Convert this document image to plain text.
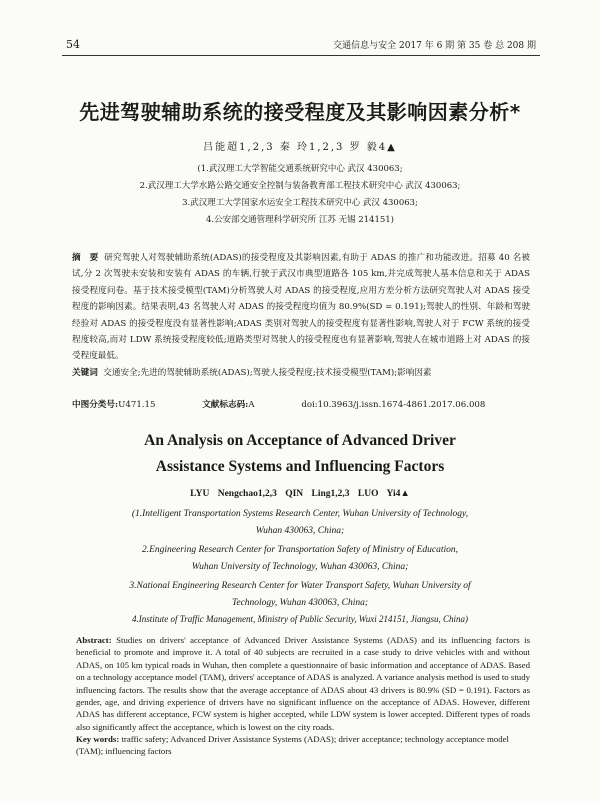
54	交通信息与安全 2017 年 6 期 第 35 卷 总 208 期
先进驾驶辅助系统的接受程度及其影响因素分析*
吕能超1,2,3 秦 玲1,2,3 罗 毅4▲
(1.武汉理工大学智能交通系统研究中心 武汉 430063;
2.武汉理工大学水路公路交通安全控制与装备教育部工程技术研究中心 武汉 430063;
3.武汉理工大学国家水运安全工程技术研究中心 武汉 430063;
4.公安部交通管理科学研究所 江苏 无锡 214151)
摘　要 研究驾驶人对驾驶辅助系统(ADAS)的接受程度及其影响因素,有助于 ADAS 的推广和功能改进。招募 40 名被试,分 2 次驾驶未安装和安装有 ADAS 的车辆,行驶于武汉市典型道路各 105 km,并完成驾驶人基本信息和关于 ADAS 接受程度问卷。基于技术接受模型(TAM)分析驾驶人对 ADAS 的接受程度,应用方差分析方法研究驾驶人对 ADAS 接受程度的影响因素。结果表明,43 名驾驶人对 ADAS 的接受程度均值为 80.9%(SD = 0.191);驾驶人的性别、年龄和驾驶经验对 ADAS 的接受程度没有显著性影响;ADAS 类别对驾驶人的接受程度有显著性影响,驾驶人对于 FCW 系统的接受程度较高,而对 LDW 系统接受程度较低;道路类型对驾驶人的接受程度也有显著影响,驾驶人在城市道路上对 ADAS 的接受程度最低。
关键词 交通安全;先进的驾驶辅助系统(ADAS);驾驶人接受程度;技术接受模型(TAM);影响因素
中图分类号:U471.15	文献标志码:A	doi:10.3963/j.issn.1674-4861.2017.06.008
An Analysis on Acceptance of Advanced Driver
Assistance Systems and Influencing Factors
LYU Nengchao1,2,3 QIN Ling1,2,3 LUO Yi4▲
(1.Intelligent Transportation Systems Research Center, Wuhan University of Technology,
Wuhan 430063, China;
2.Engineering Research Center for Transportation Safety of Ministry of Education,
Wuhan University of Technology, Wuhan 430063, China;
3.National Engineering Research Center for Water Transport Safety, Wuhan University of
Technology, Wuhan 430063, China;
4.Institute of Traffic Management, Ministry of Public Security, Wuxi 214151, Jiangsu, China)
Abstract: Studies on drivers' acceptance of Advanced Driver Assistance Systems (ADAS) and its influencing factors is beneficial to promote and improve it. A total of 40 subjects are recruited in a case study to drive vehicles with and without ADAS, on 105 km typical roads in Wuhan, then complete a questionnaire of basic information and acceptance of ADAS. Based on a technology acceptance model (TAM), drivers' acceptance of ADAS is analyzed. A variance analysis method is used to study influencing factors. The results show that the average acceptance of ADAS about 43 drivers is 80.9% (SD = 0.191). Factors as gender, age, and driving experience of drivers have no significant influence on the acceptance of ADAS. However, different ADAS has different acceptance, FCW system is higher accepted, while LDW system is lower accepted. Different types of roads also significantly affect the acceptance, which is lowest on the city roads.
Key words: traffic safety; Advanced Driver Assistance Systems (ADAS); driver acceptance; technology acceptance model (TAM); influencing factors
